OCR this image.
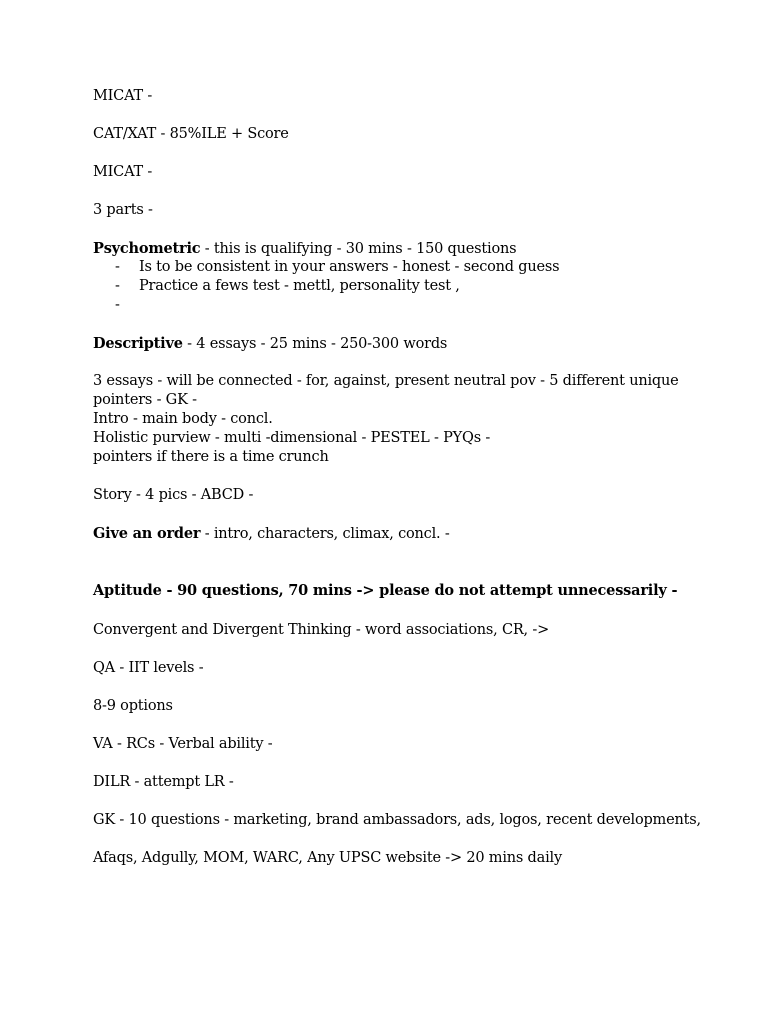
MICAT -
CAT/XAT - 85%ILE + Score
MICAT -
3 parts -
Psychometric - this is qualifying - 30 mins - 150 questions
- Is to be consistent in your answers - honest - second guess
- Practice a fews test - mettl, personality test ,
-
Descriptive - 4 essays - 25 mins - 250-300 words
3 essays - will be connected - for, against, present neutral pov - 5 different unique
pointers - GK -
Intro - main body - concl.
Holistic purview - multi -dimensional - PESTEL - PYQs -
pointers if there is a time crunch
Story - 4 pics - ABCD -
Give an order - intro, characters, climax, concl. -
Aptitude - 90 questions, 70 mins -> please do not attempt unnecessarily -
Convergent and Divergent Thinking - word associations, CR, ->
QA - IIT levels -
8-9 options
VA - RCs - Verbal ability -
DILR - attempt LR -
GK - 10 questions - marketing, brand ambassadors, ads, logos, recent developments,
Afaqs, Adgully, MOM, WARC, Any UPSC website -> 20 mins daily
